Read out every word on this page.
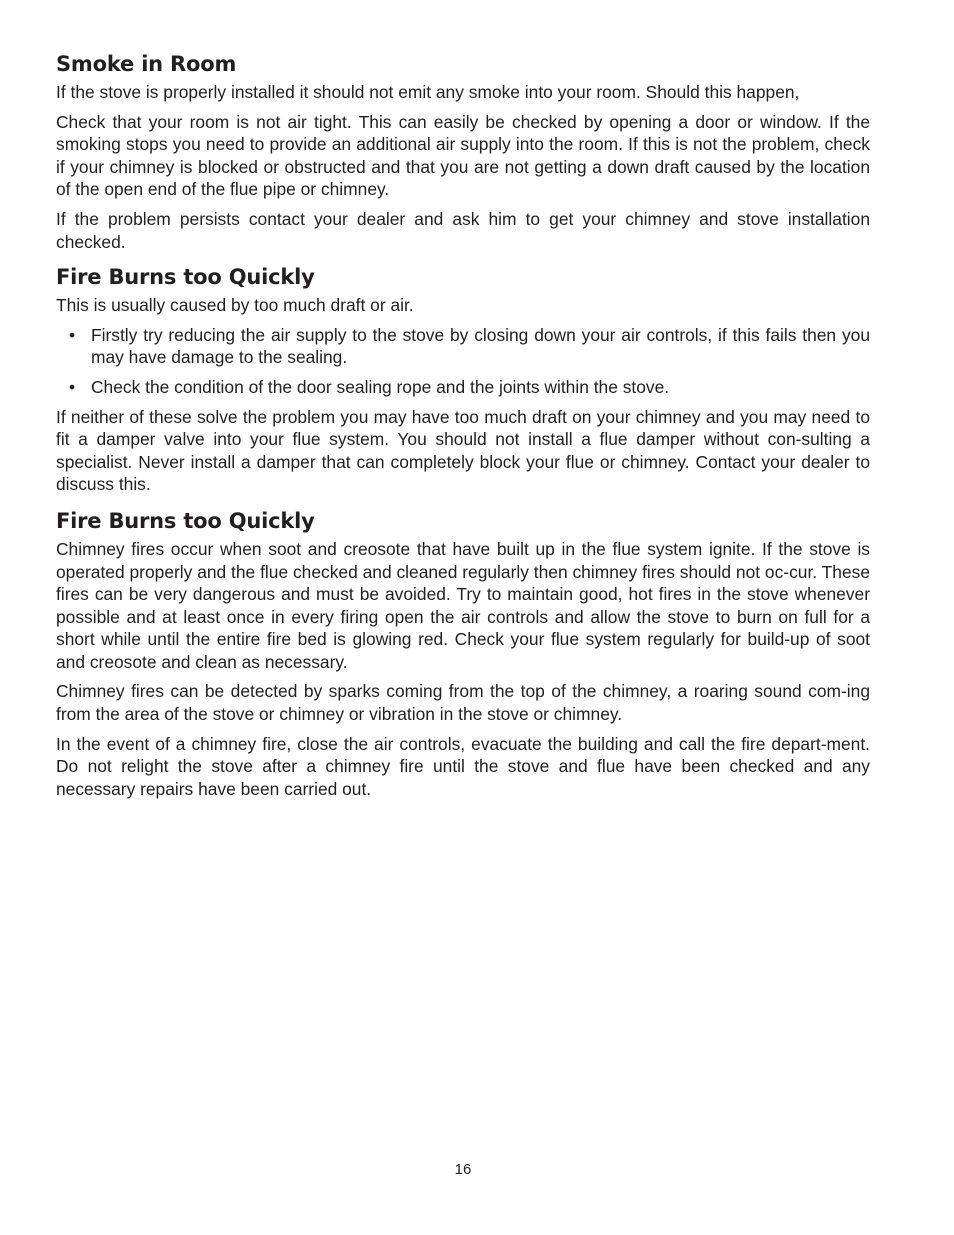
Smoke in Room

If the stove is properly installed it should not emit any smoke into your room. Should this happen,

Check that your room is not air tight. This can easily be checked by opening a door or window. If the smoking stops you need to provide an additional air supply into the room. If this is not the problem, check if your chimney is blocked or obstructed and that you are not getting a down draft caused by the location of the open end of the flue pipe or chimney.

If the problem persists contact your dealer and ask him to get your chimney and stove installation checked.

Fire Burns too Quickly

This is usually caused by too much draft or air.

• Firstly try reducing the air supply to the stove by closing down your air controls, if this fails then you may have damage to the sealing.
• Check the condition of the door sealing rope and the joints within the stove.

If neither of these solve the problem you may have too much draft on your chimney and you may need to fit a damper valve into your flue system. You should not install a flue damper without con-sulting a specialist. Never install a damper that can completely block your flue or chimney. Contact your dealer to discuss this.

Fire Burns too Quickly

Chimney fires occur when soot and creosote that have built up in the flue system ignite. If the stove is operated properly and the flue checked and cleaned regularly then chimney fires should not oc-cur. These fires can be very dangerous and must be avoided. Try to maintain good, hot fires in the stove whenever possible and at least once in every firing open the air controls and allow the stove to burn on full for a short while until the entire fire bed is glowing red. Check your flue system regularly for build-up of soot and creosote and clean as necessary.

Chimney fires can be detected by sparks coming from the top of the chimney, a roaring sound com-ing from the area of the stove or chimney or vibration in the stove or chimney.

In the event of a chimney fire, close the air controls, evacuate the building and call the fire depart-ment. Do not relight the stove after a chimney fire until the stove and flue have been checked and any necessary repairs have been carried out.

16
